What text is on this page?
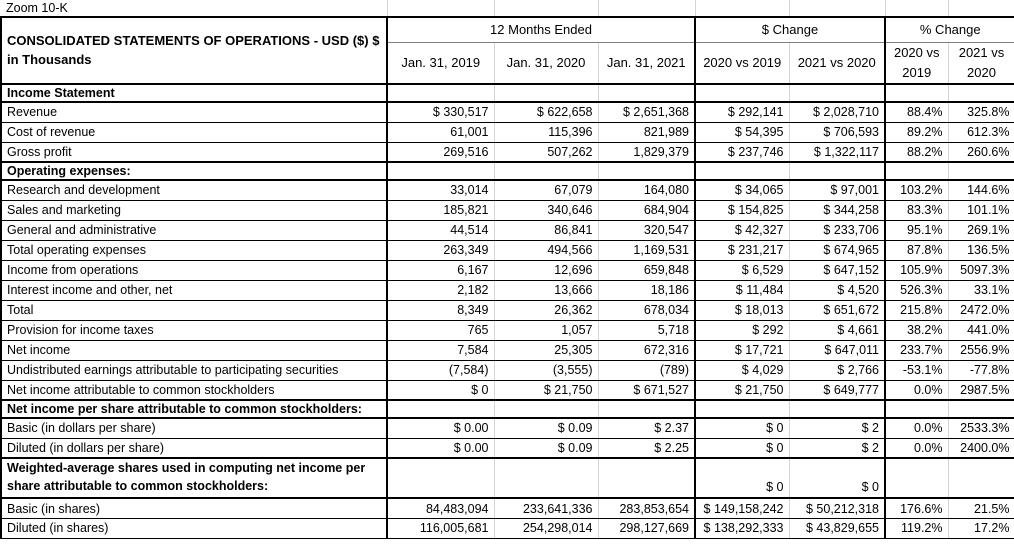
Zoom 10-K							
CONSOLIDATED STATEMENTS OF OPERATIONS - USD ($) $ in Thousands	12 Months Ended			$ Change		% Change	
	Jan. 31, 2019	Jan. 31, 2020	Jan. 31, 2021	2020 vs 2019	2021 vs 2020	2020 vs 2019	2021 vs 2020
Income Statement							
Revenue	$ 330,517	$ 622,658	$ 2,651,368	$ 292,141	$ 2,028,710	88.4%	325.8%
Cost of revenue	61,001	115,396	821,989	$ 54,395	$ 706,593	89.2%	612.3%
Gross profit	269,516	507,262	1,829,379	$ 237,746	$ 1,322,117	88.2%	260.6%
Operating expenses:							
Research and development	33,014	67,079	164,080	$ 34,065	$ 97,001	103.2%	144.6%
Sales and marketing	185,821	340,646	684,904	$ 154,825	$ 344,258	83.3%	101.1%
General and administrative	44,514	86,841	320,547	$ 42,327	$ 233,706	95.1%	269.1%
Total operating expenses	263,349	494,566	1,169,531	$ 231,217	$ 674,965	87.8%	136.5%
Income from operations	6,167	12,696	659,848	$ 6,529	$ 647,152	105.9%	5097.3%
Interest income and other, net	2,182	13,666	18,186	$ 11,484	$ 4,520	526.3%	33.1%
Total	8,349	26,362	678,034	$ 18,013	$ 651,672	215.8%	2472.0%
Provision for income taxes	765	1,057	5,718	$ 292	$ 4,661	38.2%	441.0%
Net income	7,584	25,305	672,316	$ 17,721	$ 647,011	233.7%	2556.9%
Undistributed earnings attributable to participating securities	(7,584)	(3,555)	(789)	$ 4,029	$ 2,766	-53.1%	-77.8%
Net income attributable to common stockholders	$ 0	$ 21,750	$ 671,527	$ 21,750	$ 649,777	0.0%	2987.5%
Net income per share attributable to common stockholders:							
Basic (in dollars per share)	$ 0.00	$ 0.09	$ 2.37	$ 0	$ 2	0.0%	2533.3%
Diluted (in dollars per share)	$ 0.00	$ 0.09	$ 2.25	$ 0	$ 2	0.0%	2400.0%
Weighted-average shares used in computing net income per share attributable to common stockholders:				$ 0	$ 0		
Basic (in shares)	84,483,094	233,641,336	283,853,654	$ 149,158,242	$ 50,212,318	176.6%	21.5%
Diluted (in shares)	116,005,681	254,298,014	298,127,669	$ 138,292,333	$ 43,829,655	119.2%	17.2%
